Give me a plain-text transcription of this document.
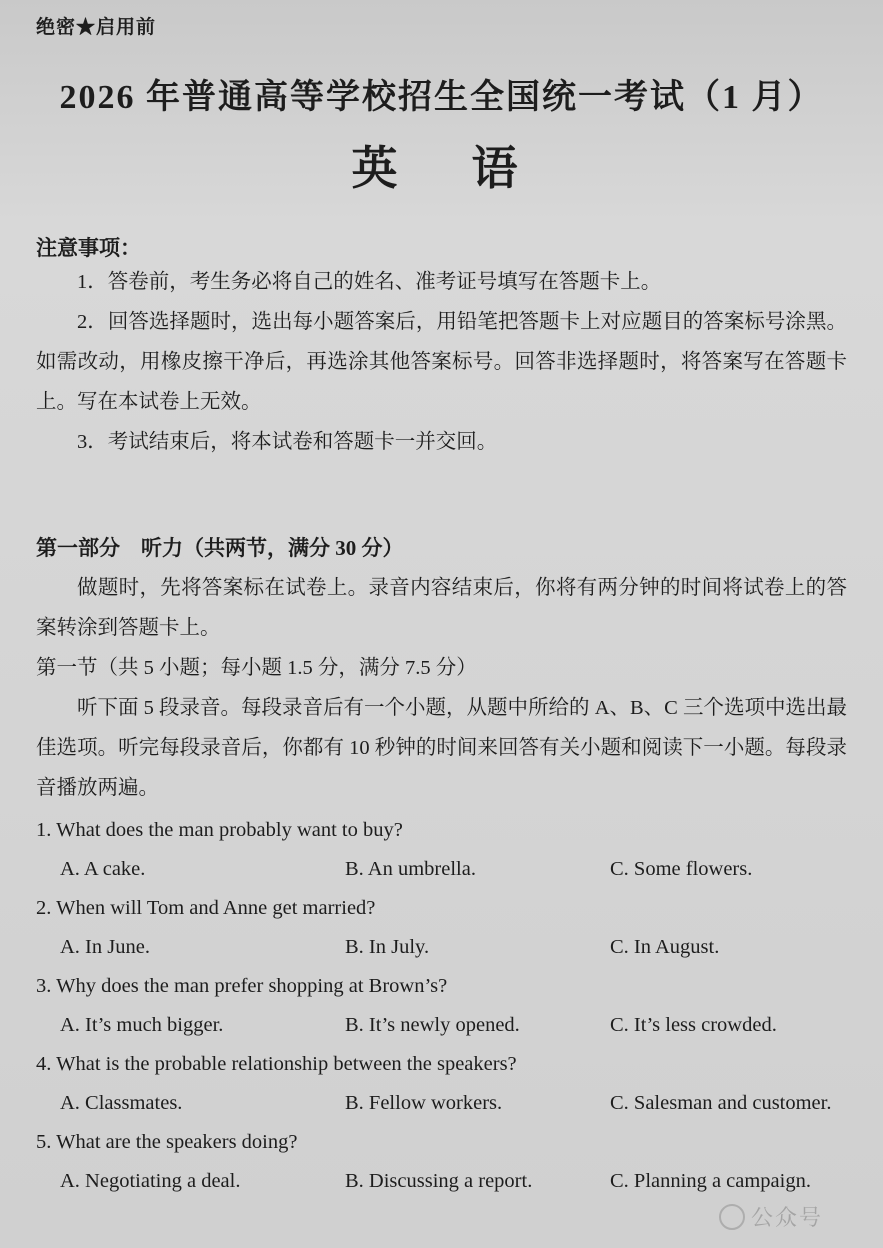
绝密★启用前
2026 年普通高等学校招生全国统一考试（1 月）
英　语
注意事项：

1．答卷前，考生务必将自己的姓名、准考证号填写在答题卡上。

2．回答选择题时，选出每小题答案后，用铅笔把答题卡上对应题目的答案标号涂黑。如需改动，用橡皮擦干净后，再选涂其他答案标号。回答非选择题时，将答案写在答题卡上。写在本试卷上无效。

3．考试结束后，将本试卷和答题卡一并交回。

第一部分　听力（共两节，满分 30 分）

做题时，先将答案标在试卷上。录音内容结束后，你将有两分钟的时间将试卷上的答案转涂到答题卡上。

第一节（共 5 小题；每小题 1.5 分，满分 7.5 分）

听下面 5 段录音。每段录音后有一个小题，从题中所给的 A、B、C 三个选项中选出最佳选项。听完每段录音后，你都有 10 秒钟的时间来回答有关小题和阅读下一小题。每段录音播放两遍。

1. What does the man probably want to buy?

A. A cake.	B. An umbrella.	C. Some flowers.

2. When will Tom and Anne get married?

A. In June.	B. In July.	C. In August.

3. Why does the man prefer shopping at Brown’s?

A. It’s much bigger.	B. It’s newly opened.	C. It’s less crowded.

4. What is the probable relationship between the speakers?

A. Classmates.	B. Fellow workers.	C. Salesman and customer.

5. What are the speakers doing?

A. Negotiating a deal.	B. Discussing a report.	C. Planning a campaign.
公众号
